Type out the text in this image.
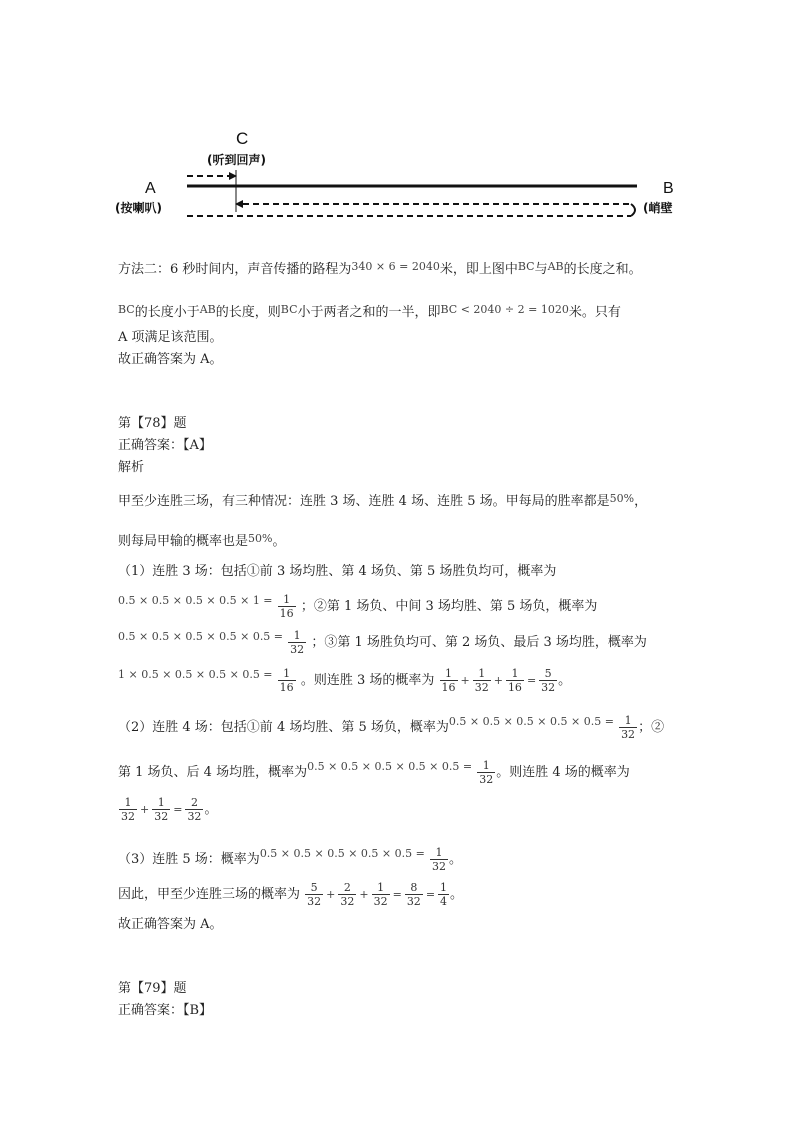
C
(听到回声)
A
(按喇叭)
B
(峭壁
方法二：6 秒时间内，声音传播的路程为$^{340 \times 6 = 2040}$米，即上图中$^{BC}$与$^{AB}$的长度之和。
$^{BC}$的长度小于$^{AB}$的长度，则$^{BC}$小于两者之和的一半，即$^{BC < 2040 \div 2 = 1020}$米。只有
A 项满足该范围。
故正确答案为 A。
第【78】题
正确答案：【A】
解析
甲至少连胜三场，有三种情况：连胜 3 场、连胜 4 场、连胜 5 场。甲每局的胜率都是$^{50\%}$，
则每局甲输的概率也是$^{50\%}$。
（1）连胜 3 场：包括①前 3 场均胜、第 4 场负、第 5 场胜负均可，概率为
$^{0.5 \times 0.5 \times 0.5 \times 0.5 \times 1 =} \frac{1}{16}$ ；②第 1 场负、中间 3 场均胜、第 5 场负，概率为
$^{0.5 \times 0.5 \times 0.5 \times 0.5 \times 0.5 =} \frac{1}{32}$ ；③第 1 场胜负均可、第 2 场负、最后 3 场均胜，概率为
$^{1 \times 0.5 \times 0.5 \times 0.5 \times 0.5 =} \frac{1}{16}$ 。则连胜 3 场的概率为 $\frac{1}{16} + \frac{1}{32} + \frac{1}{16} = \frac{5}{32}$ 。
（2）连胜 4 场：包括①前 4 场均胜、第 5 场负，概率为$^{0.5 \times 0.5 \times 0.5 \times 0.5 \times 0.5 =} \frac{1}{32}$ ；②
第 1 场负、后 4 场均胜，概率为$^{0.5 \times 0.5 \times 0.5 \times 0.5 \times 0.5 =} \frac{1}{32}$ 。则连胜 4 场的概率为
$\frac{1}{32} + \frac{1}{32} = \frac{2}{32}$ 。
（3）连胜 5 场：概率为$^{0.5 \times 0.5 \times 0.5 \times 0.5 \times 0.5 =} \frac{1}{32}$ 。
因此，甲至少连胜三场的概率为 $\frac{5}{32} + \frac{2}{32} + \frac{1}{32} = \frac{8}{32} = \frac{1}{4}$ 。
故正确答案为 A。
第【79】题
正确答案：【B】
